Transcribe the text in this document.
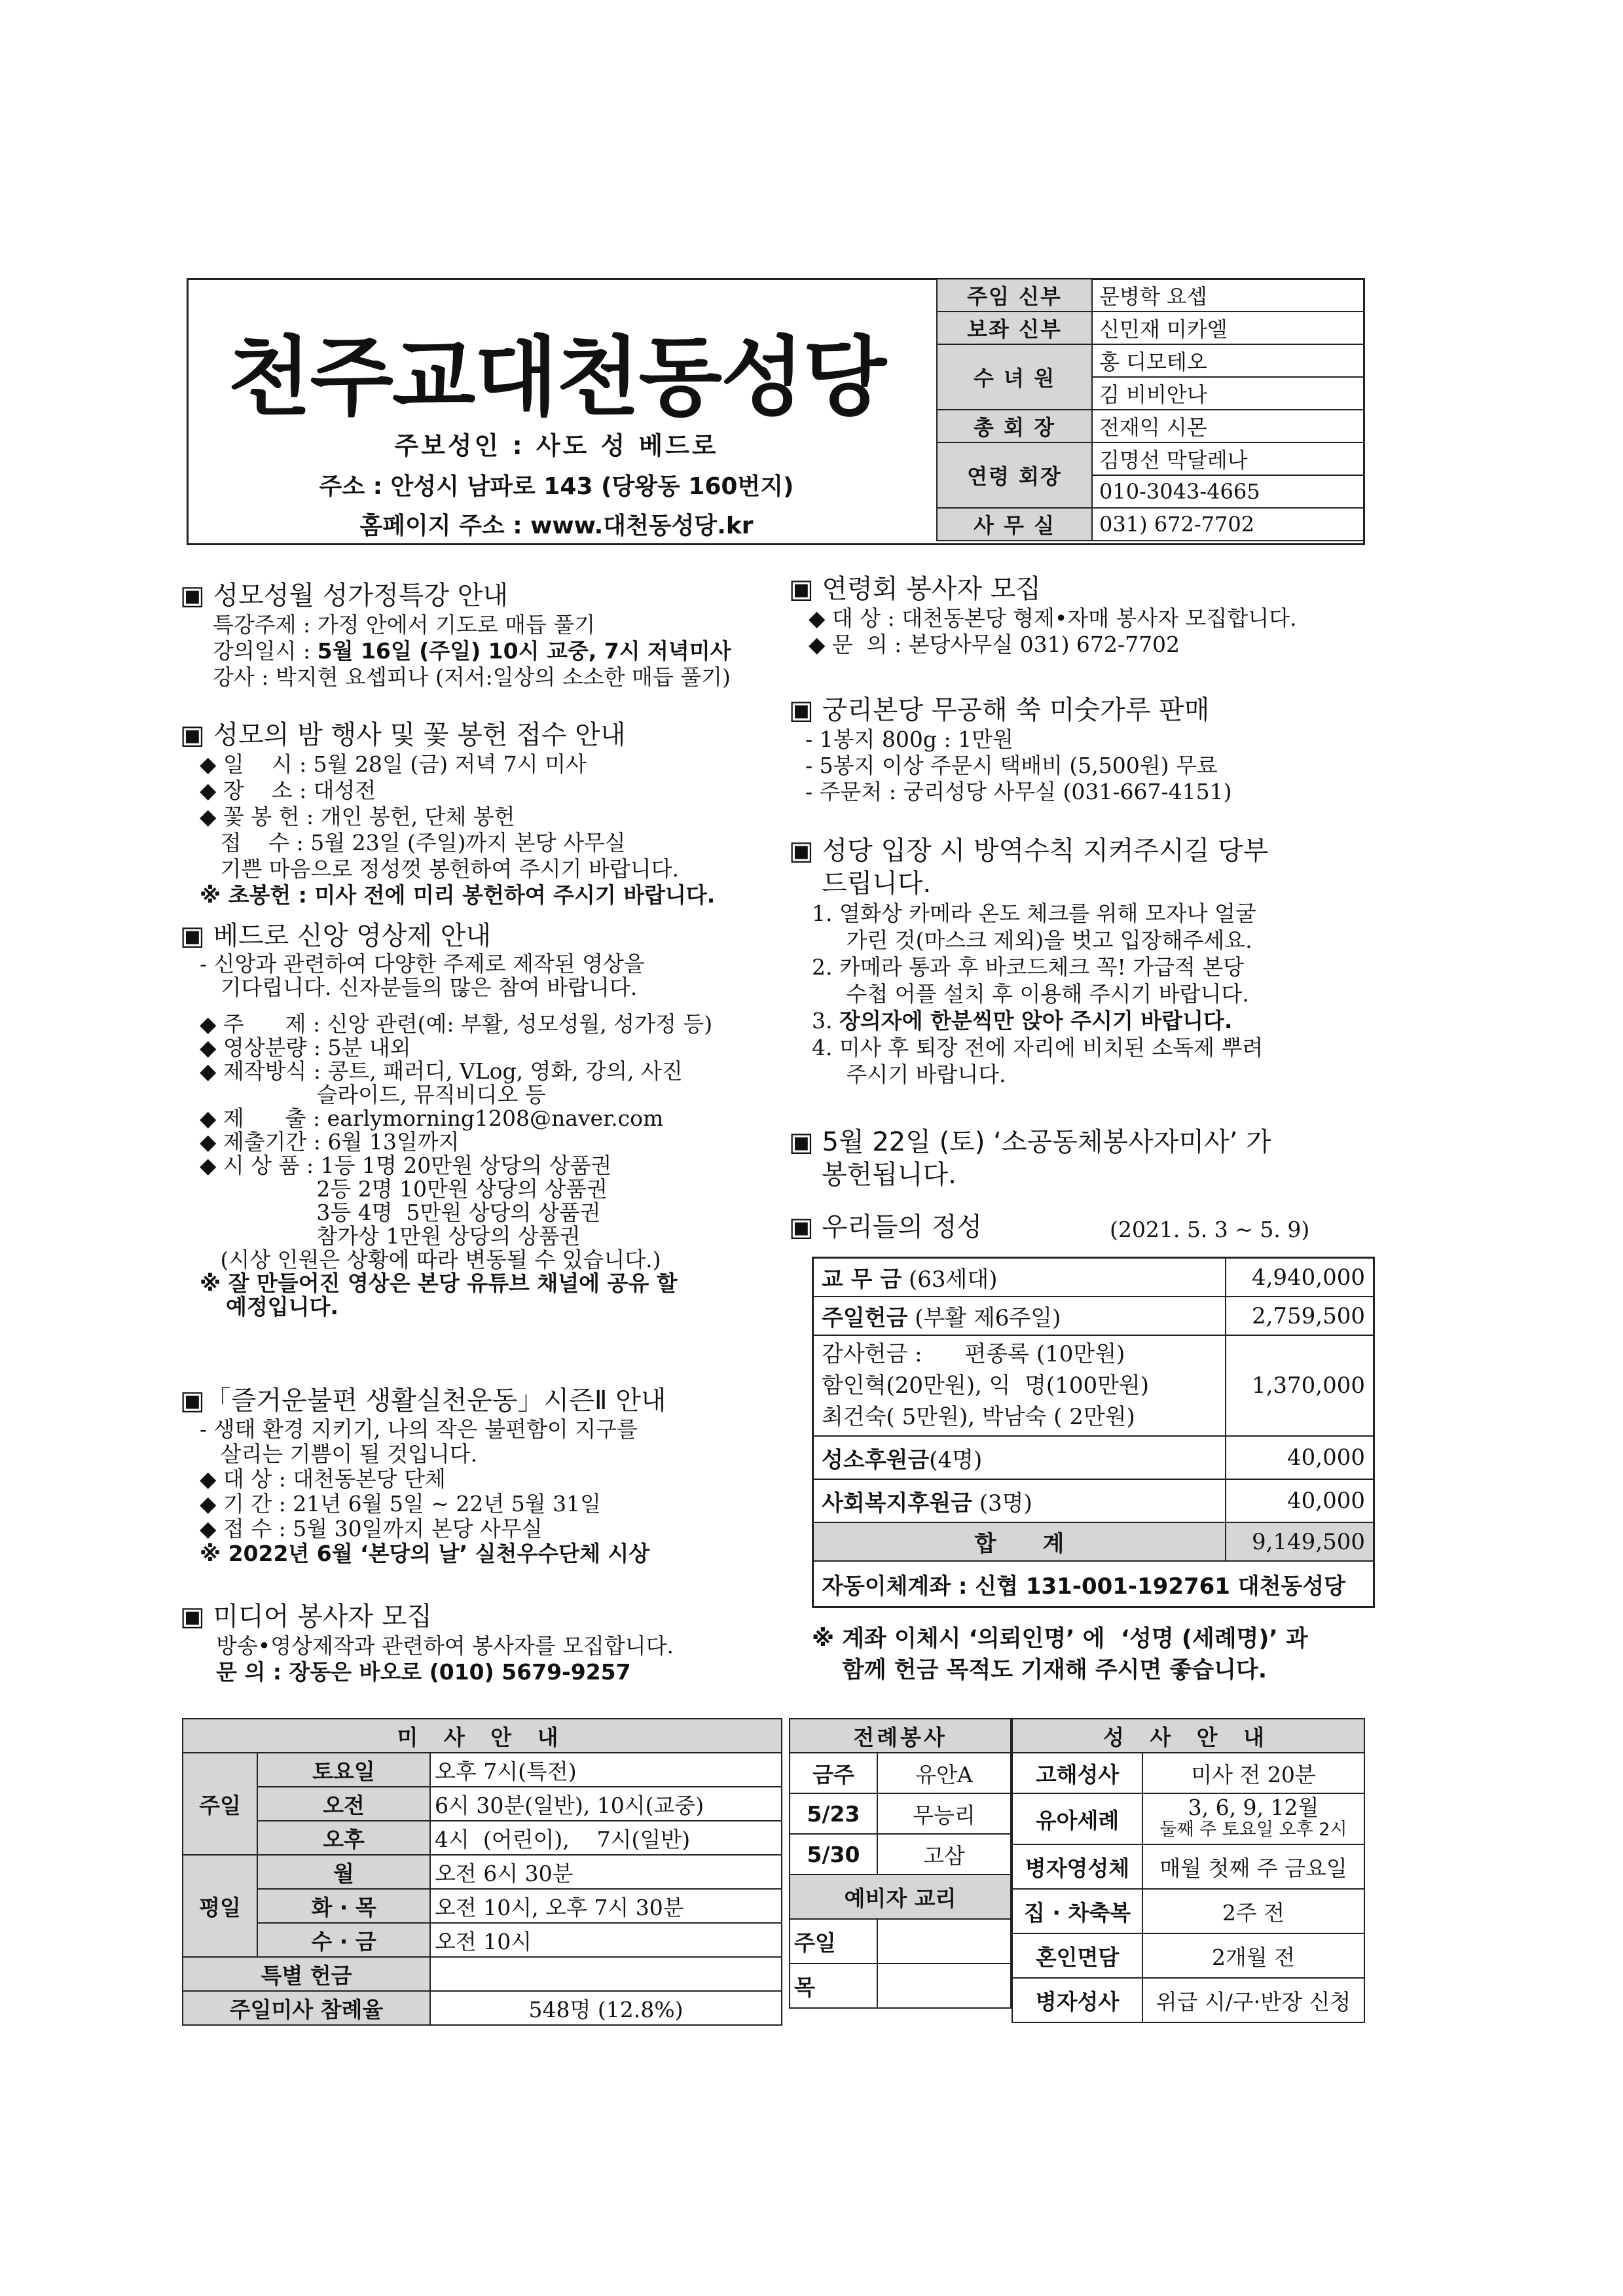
천주교대천동성당
주보성인 : 사도 성 베드로
주소 : 안성시 남파로 143 (당왕동 160번지)
홈페이지 주소 : www.대천동성당.kr
주임 신부	문병학 요셉
보좌 신부	신민재 미카엘
수 녀 원	홍 디모테오
	김 비비안나
총 회 장	전재익 시몬
연령 회장	김명선 막달레나
	010-3043-4665
사 무 실	031) 672-7702
▣ 성모성월 성가정특강 안내
특강주제 : 가정 안에서 기도로 매듭 풀기
강의일시 : 5월 16일 (주일) 10시 교중, 7시 저녁미사
강사 : 박지현 요셉피나 (저서:일상의 소소한 매듭 풀기)
▣ 성모의 밤 행사 및 꽃 봉헌 접수 안내
◆ 일    시 : 5월 28일 (금) 저녁 7시 미사
◆ 장    소 : 대성전
◆ 꽃 봉 헌 : 개인 봉헌, 단체 봉헌
접    수 : 5월 23일 (주일)까지 본당 사무실
기쁜 마음으로 정성껏 봉헌하여 주시기 바랍니다.
※ 초봉헌 : 미사 전에 미리 봉헌하여 주시기 바랍니다.
▣ 베드로 신앙 영상제 안내
- 신앙과 관련하여 다양한 주제로 제작된 영상을
기다립니다. 신자분들의 많은 참여 바랍니다.
◆ 주      제 : 신앙 관련(예: 부활, 성모성월, 성가정 등)
◆ 영상분량 : 5분 내외
◆ 제작방식 : 콩트, 패러디, VLog, 영화, 강의, 사진
슬라이드, 뮤직비디오 등
◆ 제      출 : earlymorning1208@naver.com
◆ 제출기간 : 6월 13일까지
◆ 시 상 품 : 1등 1명 20만원 상당의 상품권
2등 2명 10만원 상당의 상품권
3등 4명  5만원 상당의 상품권
참가상 1만원 상당의 상품권
(시상 인원은 상황에 따라 변동될 수 있습니다.)
※ 잘 만들어진 영상은 본당 유튜브 채널에 공유 할
예정입니다.
▣「즐거운불편 생활실천운동」시즌Ⅱ 안내
- 생태 환경 지키기, 나의 작은 불편함이 지구를
살리는 기쁨이 될 것입니다.
◆ 대 상 : 대천동본당 단체
◆ 기 간 : 21년 6월 5일 ~ 22년 5월 31일
◆ 접 수 : 5월 30일까지 본당 사무실
※ 2022년 6월 ‘본당의 날’ 실천우수단체 시상
▣ 미디어 봉사자 모집
방송•영상제작과 관련하여 봉사자를 모집합니다.
문 의 : 장동은 바오로 (010) 5679-9257
▣ 연령회 봉사자 모집
◆ 대 상 : 대천동본당 형제•자매 봉사자 모집합니다.
◆ 문  의 : 본당사무실 031) 672-7702
▣ 궁리본당 무공해 쑥 미숫가루 판매
- 1봉지 800g : 1만원
- 5봉지 이상 주문시 택배비 (5,500원) 무료
- 주문처 : 궁리성당 사무실 (031-667-4151)
▣ 성당 입장 시 방역수칙 지켜주시길 당부
드립니다.
1. 열화상 카메라 온도 체크를 위해 모자나 얼굴
가린 것(마스크 제외)을 벗고 입장해주세요.
2. 카메라 통과 후 바코드체크 꼭! 가급적 본당
수첩 어플 설치 후 이용해 주시기 바랍니다.
3. 장의자에 한분씩만 앉아 주시기 바랍니다.
4. 미사 후 퇴장 전에 자리에 비치된 소독제 뿌려
주시기 바랍니다.
▣ 5월 22일 (토) ‘소공동체봉사자미사’ 가
봉헌됩니다.
▣ 우리들의 정성	(2021. 5. 3 ~ 5. 9)
교 무 금 (63세대)	4,940,000
주일헌금 (부활 제6주일)	2,759,500

감사헌금 :      편종록 (10만원)
함인혁(20만원), 익  명(100만원)
최건숙( 5만원), 박남숙 ( 2만원)	1,370,000
성소후원금(4명)	40,000
사회복지후원금 (3명)	40,000
합      계	9,149,500
자동이체계좌 : 신협 131-001-192761 대천동성당	
※ 계좌 이체시 ‘의뢰인명’ 에  ‘성명 (세례명)’ 과
함께 헌금 목적도 기재해 주시면 좋습니다.
미 사 안 내		
주일	토요일	오후 7시(특전)
	오전	6시 30분(일반), 10시(교중)
	오후	4시  (어린이),    7시(일반)
평일	월	오전 6시 30분
	화 · 목	오전 10시, 오후 7시 30분
	수 · 금	오전 10시
특별 헌금		
주일미사 참례율		548명 (12.8%)
전례봉사	
금주	유안A
5/23	무능리
5/30	고삼
예비자 교리	
주일	
목	
성 사 안 내	
고해성사	미사 전 20분
유아세례	3, 6, 9, 12월
둘째 주 토요일 오후 2시

병자영성체	매월 첫째 주 금요일
집 · 차축복	2주 전
혼인면담	2개월 전
병자성사	위급 시/구·반장 신청
